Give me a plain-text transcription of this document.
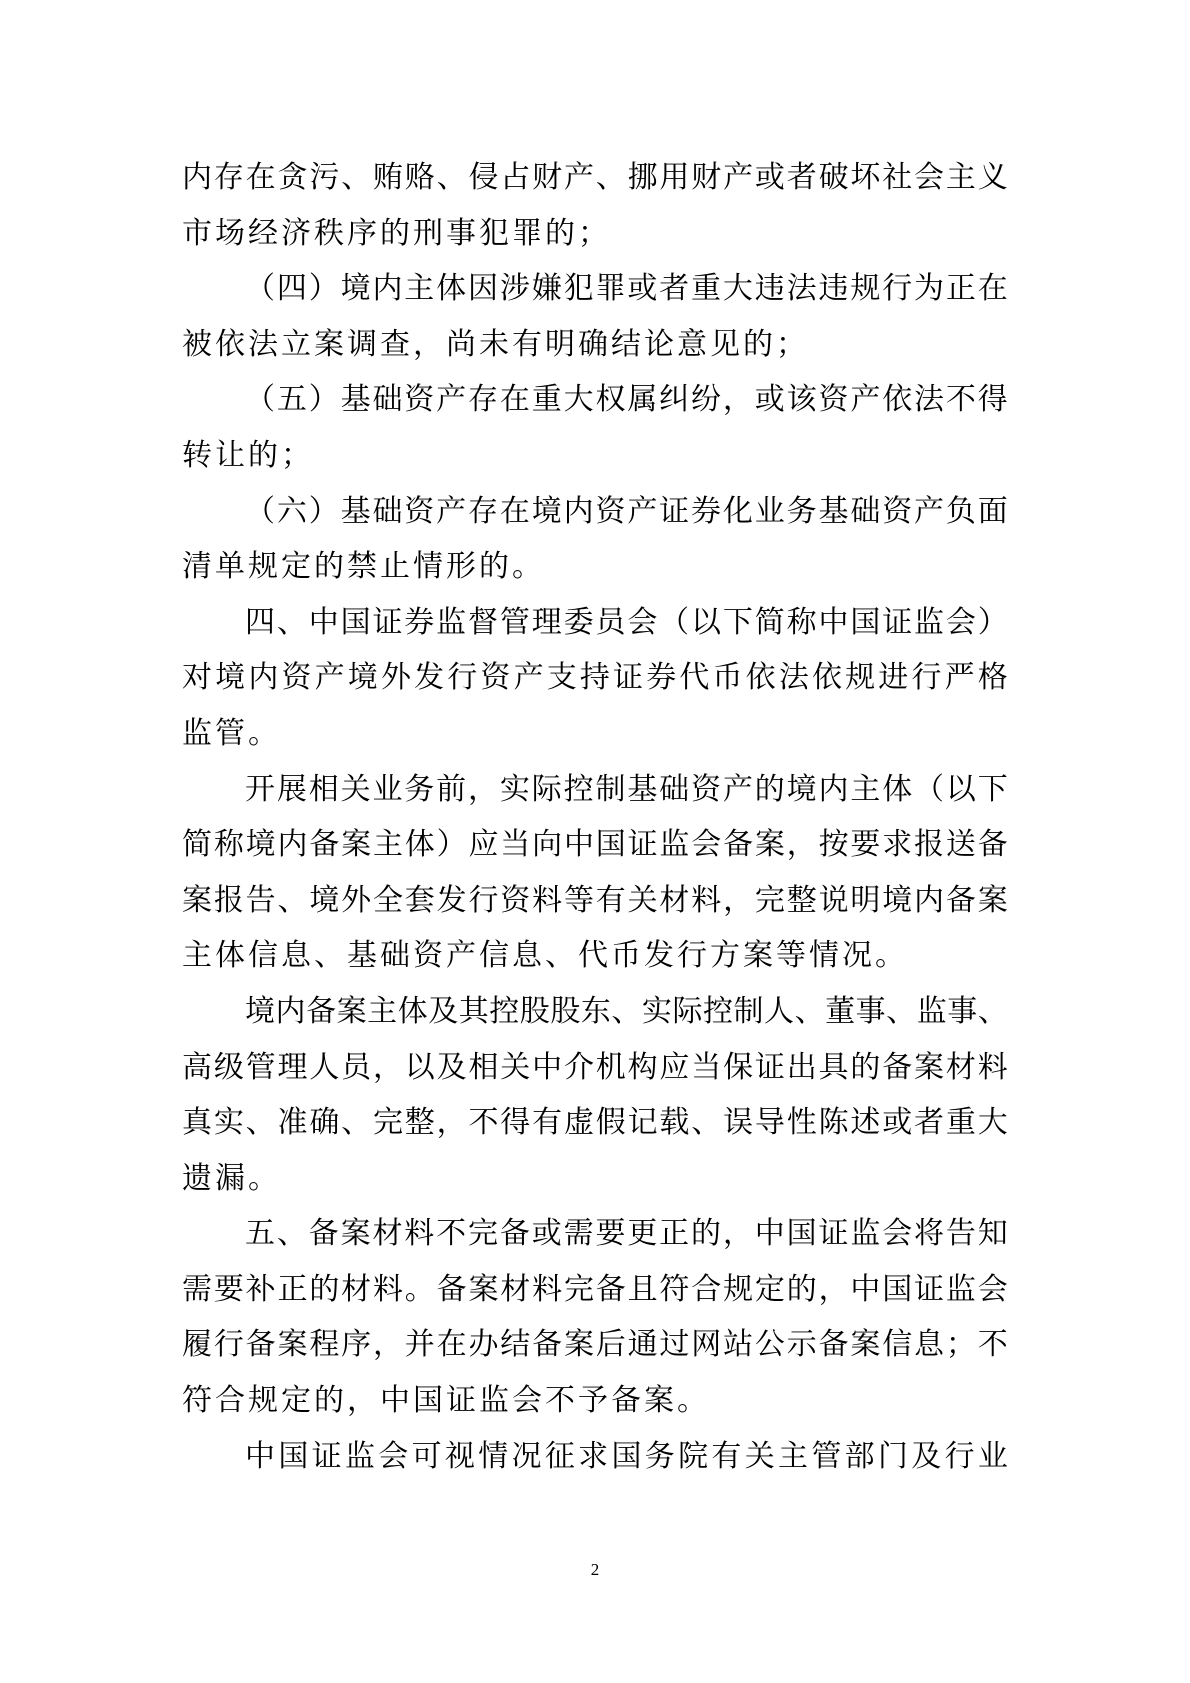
内 存 在 贪 污 、 贿 赂 、 侵 占 财 产 、 挪 用 财 产 或 者 破 坏 社 会 主 义
市场经济秩序的刑事犯罪的；
（ 四 ） 境 内 主 体 因 涉 嫌 犯 罪 或 者 重 大 违 法 违 规 行 为 正 在
被依法立案调查，尚未有明确结论意见的；
（ 五 ） 基 础 资 产 存 在 重 大 权 属 纠 纷 ， 或 该 资 产 依 法 不 得
转让的；
（ 六 ） 基 础 资 产 存 在 境 内 资 产 证 券 化 业 务 基 础 资 产 负 面
清单规定的禁止情形的。
四 、 中 国 证 券 监 督 管 理 委 员 会 （ 以 下 简 称 中 国 证 监 会 ）
对 境 内 资 产 境 外 发 行 资 产 支 持 证 券 代 币 依 法 依 规 进 行 严 格
监管。
开 展 相 关 业 务 前 ， 实 际 控 制 基 础 资 产 的 境 内 主 体 （ 以 下
简 称 境 内 备 案 主 体 ） 应 当 向 中 国 证 监 会 备 案 ， 按 要 求 报 送 备
案 报 告 、 境 外 全 套 发 行 资 料 等 有 关 材 料 ， 完 整 说 明 境 内 备 案
主体信息、基础资产信息、代币发行方案等情况。
境 内 备 案 主 体 及 其 控 股 股 东 、 实 际 控 制 人 、 董 事 、 监 事 、
高 级 管 理 人 员 ， 以 及 相 关 中 介 机 构 应 当 保 证 出 具 的 备 案 材 料
真 实 、 准 确 、 完 整 ， 不 得 有 虚 假 记 载 、 误 导 性 陈 述 或 者 重 大
遗漏。
五 、 备 案 材 料 不 完 备 或 需 要 更 正 的 ， 中 国 证 监 会 将 告 知
需 要 补 正 的 材 料 。 备 案 材 料 完 备 且 符 合 规 定 的 ， 中 国 证 监 会
履 行 备 案 程 序 ， 并 在 办 结 备 案 后 通 过 网 站 公 示 备 案 信 息 ； 不
符合规定的，中国证监会不予备案。
中 国 证 监 会 可 视 情 况 征 求 国 务 院 有 关 主 管 部 门 及 行 业
2
